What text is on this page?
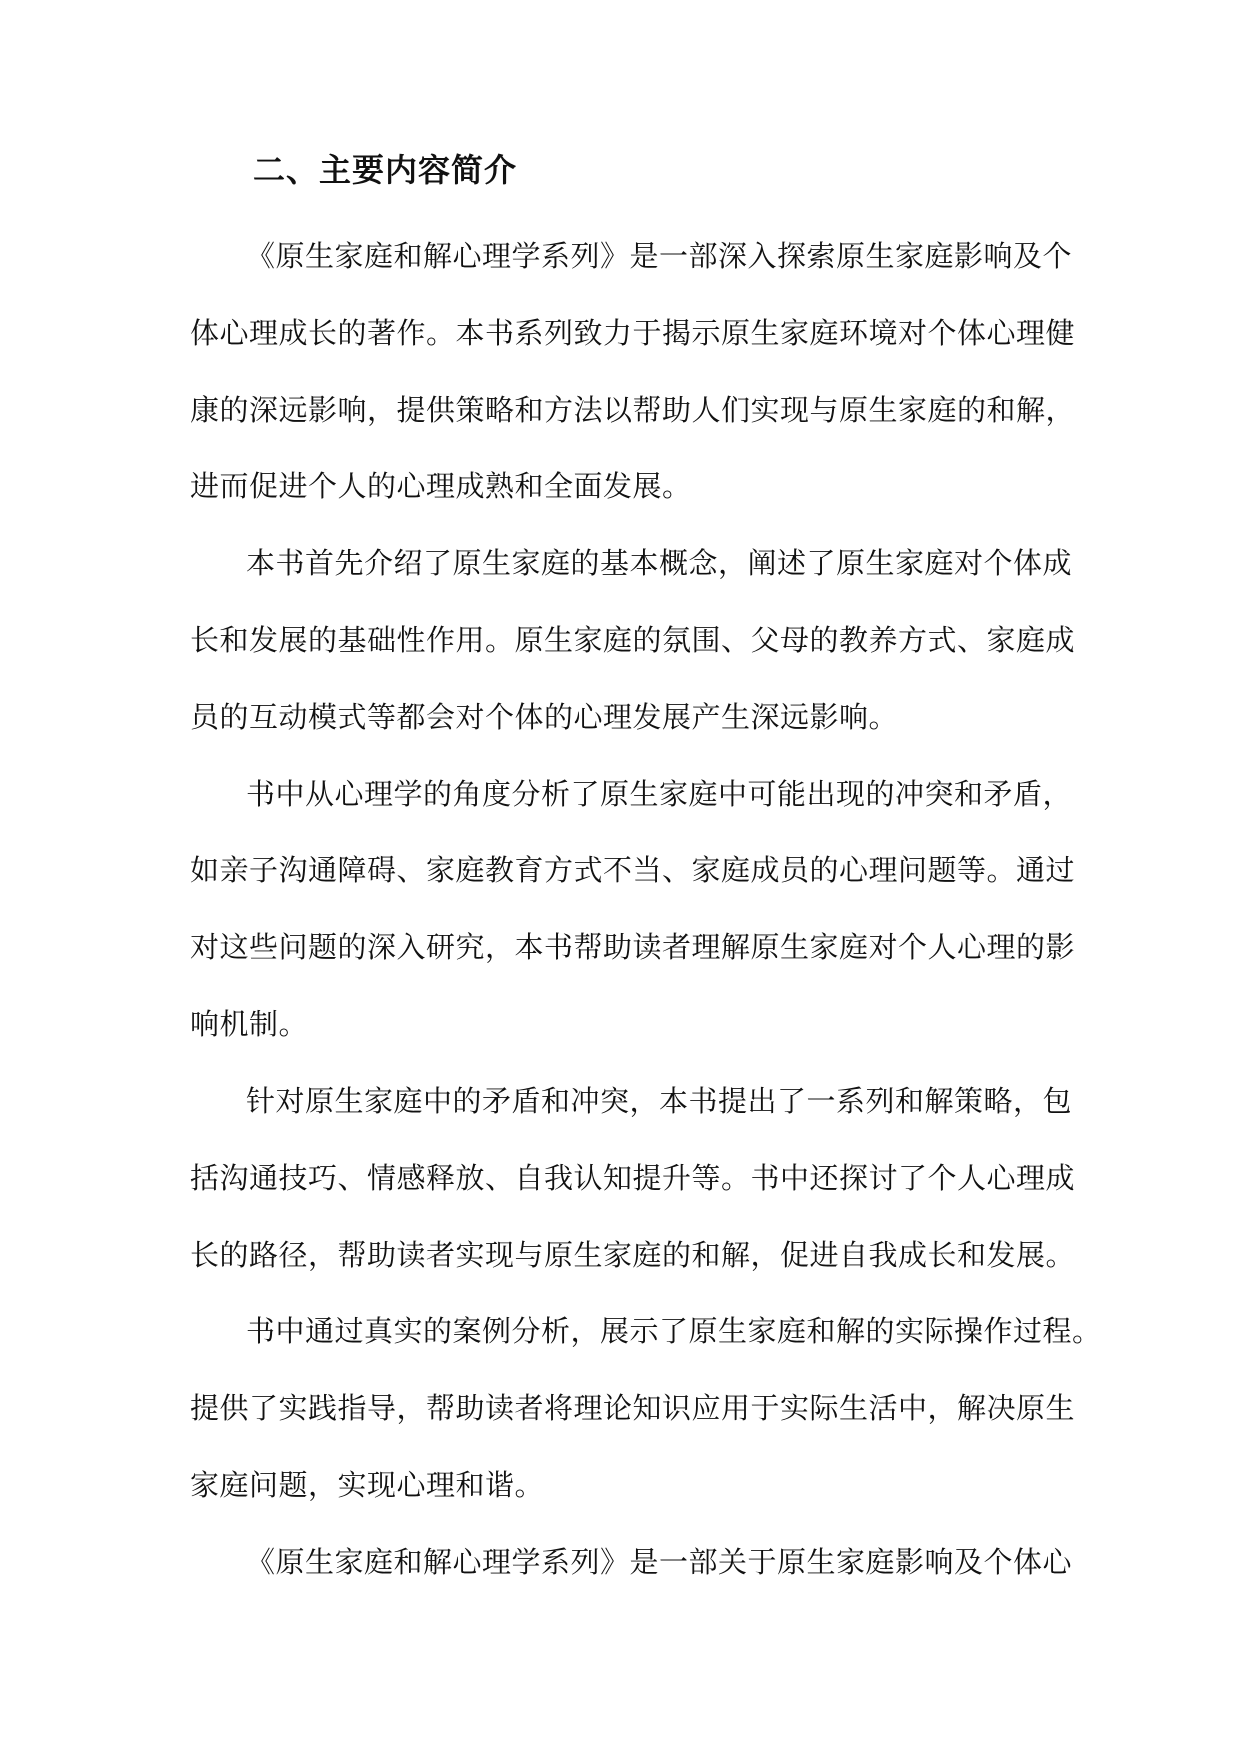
二、主要内容简介
《原生家庭和解心理学系列》是一部深入探索原生家庭影响及个
体心理成长的著作。本书系列致力于揭示原生家庭环境对个体心理健
康的深远影响，提供策略和方法以帮助人们实现与原生家庭的和解，
进而促进个人的心理成熟和全面发展。
本书首先介绍了原生家庭的基本概念，阐述了原生家庭对个体成
长和发展的基础性作用。原生家庭的氛围、父母的教养方式、家庭成
员的互动模式等都会对个体的心理发展产生深远影响。
书中从心理学的角度分析了原生家庭中可能出现的冲突和矛盾，
如亲子沟通障碍、家庭教育方式不当、家庭成员的心理问题等。通过
对这些问题的深入研究，本书帮助读者理解原生家庭对个人心理的影
响机制。
针对原生家庭中的矛盾和冲突，本书提出了一系列和解策略，包
括沟通技巧、情感释放、自我认知提升等。书中还探讨了个人心理成
长的路径，帮助读者实现与原生家庭的和解，促进自我成长和发展。
书中通过真实的案例分析，展示了原生家庭和解的实际操作过程。
提供了实践指导，帮助读者将理论知识应用于实际生活中，解决原生
家庭问题，实现心理和谐。
《原生家庭和解心理学系列》是一部关于原生家庭影响及个体心
